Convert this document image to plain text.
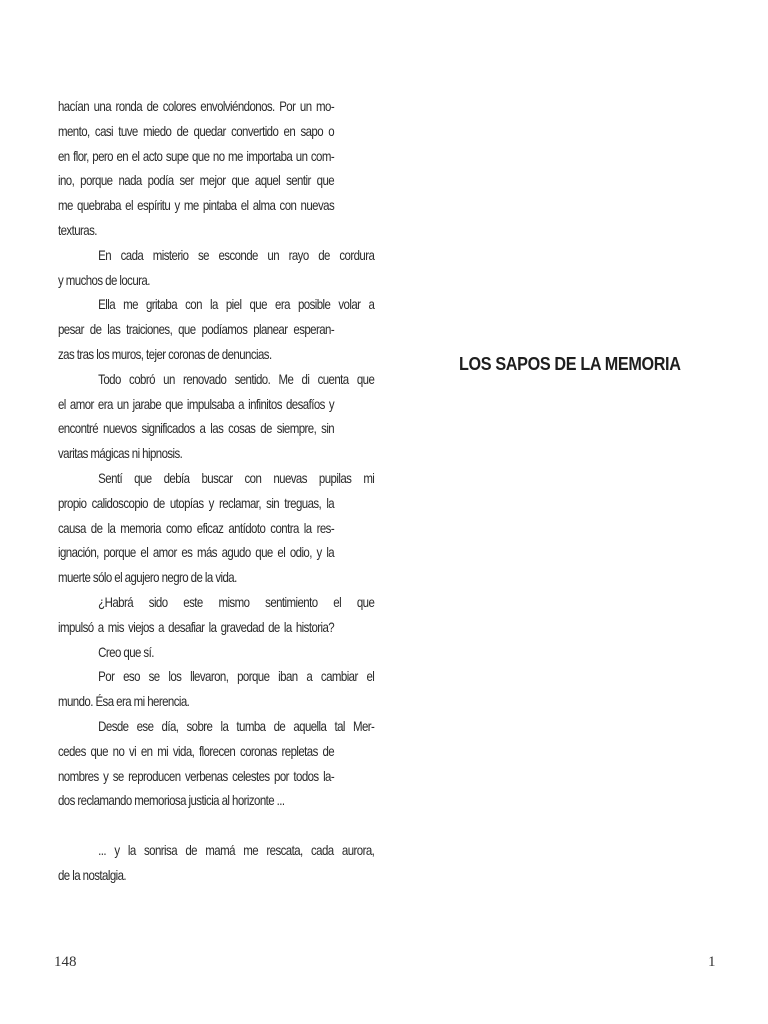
hacían una ronda de colores envolviéndonos. Por un mo-
mento, casi tuve miedo de quedar convertido en sapo o
en flor, pero en el acto supe que no me importaba un com-
ino, porque nada podía ser mejor que aquel sentir que
me quebraba el espíritu y me pintaba el alma con nuevas
texturas.
En cada misterio se esconde un rayo de cordura
y muchos de locura.
Ella me gritaba con la piel que era posible volar a
pesar de las traiciones, que podíamos planear esperan-
zas tras los muros, tejer coronas de denuncias.
Todo cobró un renovado sentido. Me di cuenta que
el amor era un jarabe que impulsaba a infinitos desafíos y
encontré nuevos significados a las cosas de siempre, sin
varitas mágicas ni hipnosis.
Sentí que debía buscar con nuevas pupilas mi
propio calidoscopio de utopías y reclamar, sin treguas, la
causa de la memoria como eficaz antídoto contra la res-
ignación, porque el amor es más agudo que el odio, y la
muerte sólo el agujero negro de la vida.
¿Habrá sido este mismo sentimiento el que
impulsó a mis viejos a desafiar la gravedad de la historia?
Creo que sí.
Por eso se los llevaron, porque iban a cambiar el
mundo. Ésa era mi herencia.
Desde ese día, sobre la tumba de aquella tal Mer-
cedes que no vi en mi vida, florecen coronas repletas de
nombres y se reproducen verbenas celestes por todos la-
dos reclamando memoriosa justicia al horizonte ...
... y la sonrisa de mamá me rescata, cada aurora,
de la nostalgia.
148
LOS SAPOS DE LA MEMORIA
1
